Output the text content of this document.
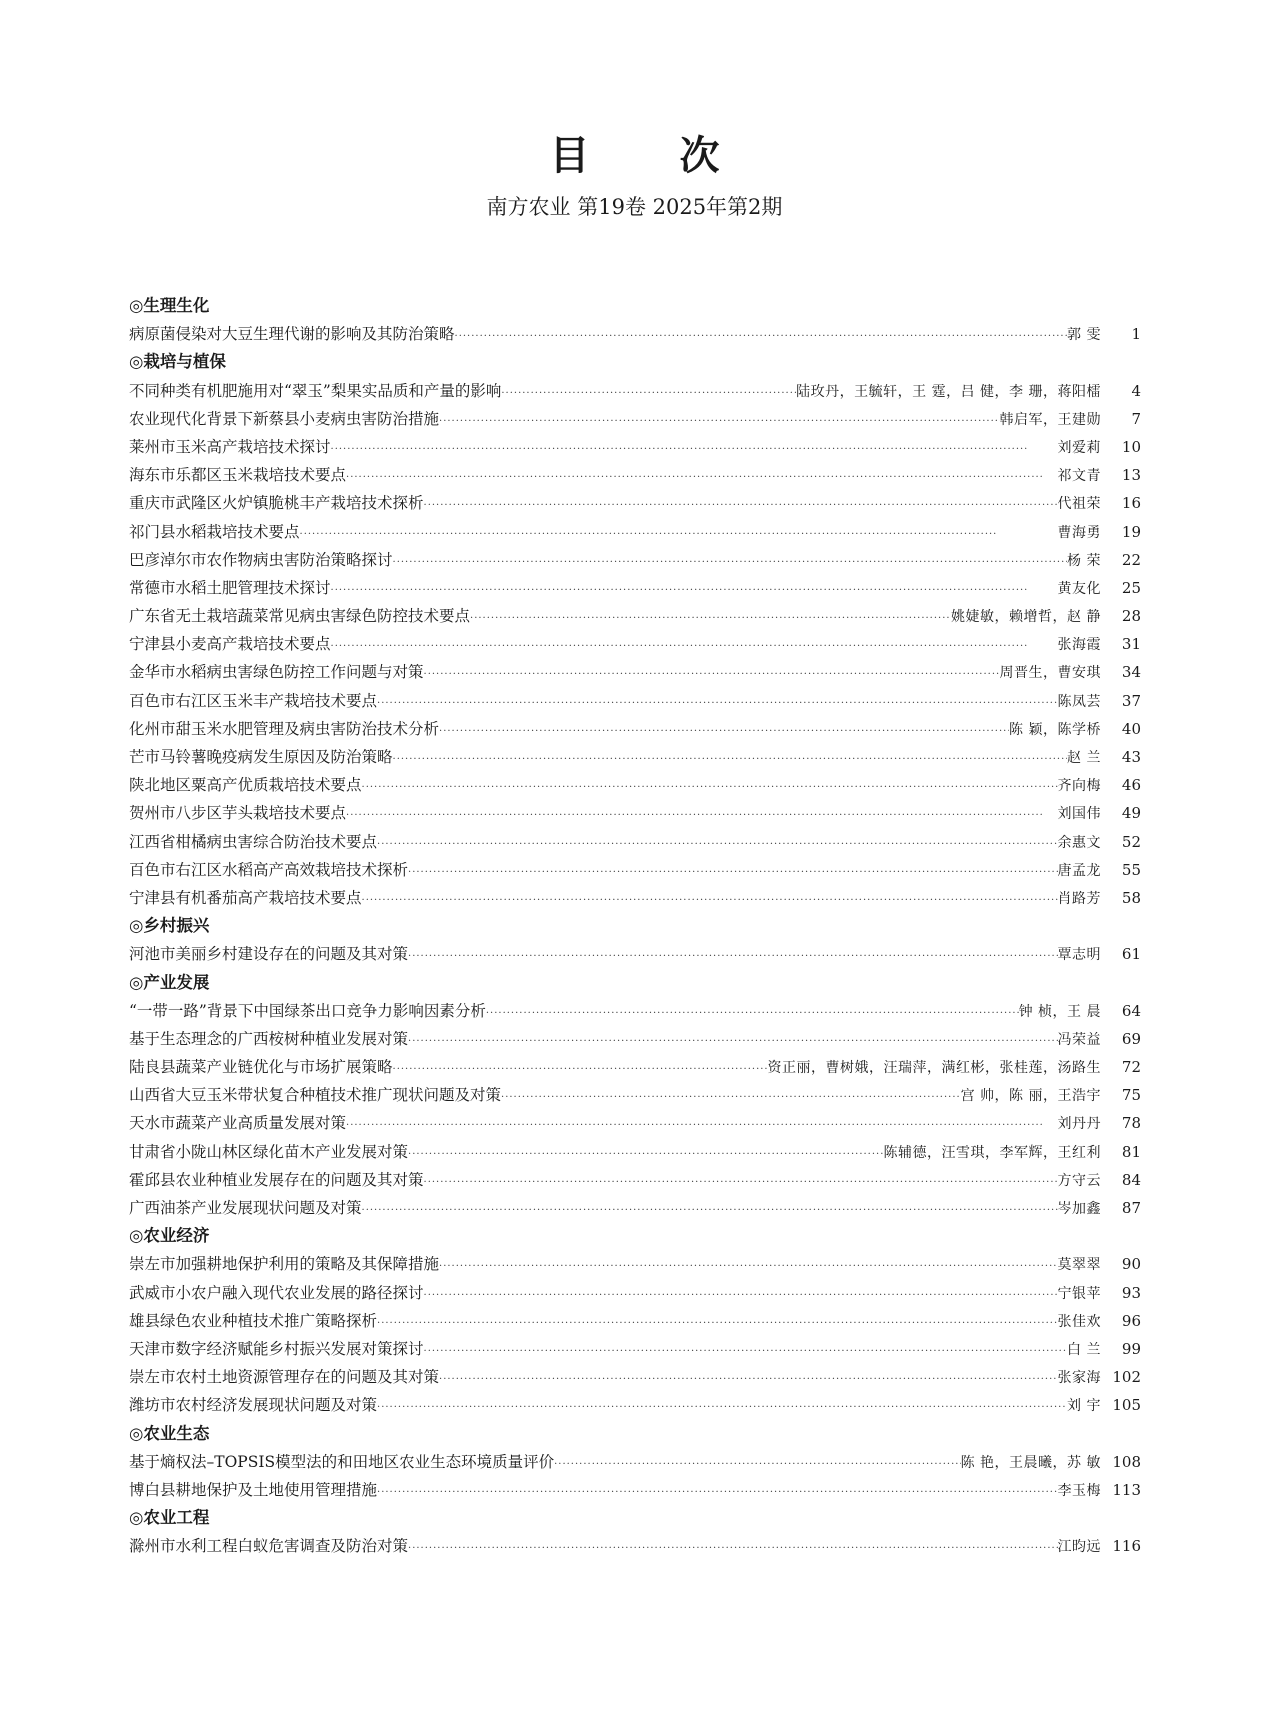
目 次
南方农业 第19卷 2025年第2期
◎生理生化
病原菌侵染对大豆生理代谢的影响及其防治策略 ·····	郭 雯	1
◎栽培与植保
不同种类有机肥施用对“翠玉”梨果实品质和产量的影响 ·····	陆玫丹，王毓轩，王 霆，吕 健，李 珊，蒋阳檑	4
农业现代化背景下新蔡县小麦病虫害防治措施 ·····	韩启军，王建勋	7
莱州市玉米高产栽培技术探讨 ·····	刘爱莉	10
海东市乐都区玉米栽培技术要点 ·····	祁文青	13
重庆市武隆区火炉镇脆桃丰产栽培技术探析 ·····	代祖荣	16
祁门县水稻栽培技术要点 ·····	曹海勇	19
巴彦淖尔市农作物病虫害防治策略探讨 ·····	杨 荣	22
常德市水稻土肥管理技术探讨 ·····	黄友化	25
广东省无土栽培蔬菜常见病虫害绿色防控技术要点 ·····	姚婕敏，赖增哲，赵 静	28
宁津县小麦高产栽培技术要点 ·····	张海霞	31
金华市水稻病虫害绿色防控工作问题与对策 ·····	周晋生，曹安琪	34
百色市右江区玉米丰产栽培技术要点 ·····	陈凤芸	37
化州市甜玉米水肥管理及病虫害防治技术分析 ·····	陈 颖，陈学桥	40
芒市马铃薯晚疫病发生原因及防治策略 ·····	赵 兰	43
陕北地区粟高产优质栽培技术要点 ·····	齐向梅	46
贺州市八步区芋头栽培技术要点 ·····	刘国伟	49
江西省柑橘病虫害综合防治技术要点 ·····	余惠文	52
百色市右江区水稻高产高效栽培技术探析 ·····	唐孟龙	55
宁津县有机番茄高产栽培技术要点 ·····	肖路芳	58
◎乡村振兴
河池市美丽乡村建设存在的问题及其对策 ·····	覃志明	61
◎产业发展
“一带一路”背景下中国绿茶出口竞争力影响因素分析 ·····	钟 桢，王 晨	64
基于生态理念的广西桉树种植业发展对策 ·····	冯荣益	69
陆良县蔬菜产业链优化与市场扩展策略 ·····	资正丽，曹树娥，汪瑞萍，满红彬，张桂莲，汤路生	72
山西省大豆玉米带状复合种植技术推广现状问题及对策 ·····	宫 帅，陈 丽，王浩宇	75
天水市蔬菜产业高质量发展对策 ·····	刘丹丹	78
甘肃省小陇山林区绿化苗木产业发展对策 ·····	陈辅德，汪雪琪，李军辉，王红利	81
霍邱县农业种植业发展存在的问题及其对策 ·····	方守云	84
广西油茶产业发展现状问题及对策 ·····	岑加鑫	87
◎农业经济
崇左市加强耕地保护利用的策略及其保障措施 ·····	莫翠翠	90
武威市小农户融入现代农业发展的路径探讨 ·····	宁银苹	93
雄县绿色农业种植技术推广策略探析 ·····	张佳欢	96
天津市数字经济赋能乡村振兴发展对策探讨 ·····	白 兰	99
崇左市农村土地资源管理存在的问题及其对策 ·····	张家海 102
潍坊市农村经济发展现状问题及对策 ·····	刘 宇 105
◎农业生态
基于熵权法–TOPSIS模型法的和田地区农业生态环境质量评价 ·····	陈 艳，王晨曦，苏 敏 108
博白县耕地保护及土地使用管理措施 ·····	李玉梅 113
◎农业工程
滁州市水利工程白蚁危害调查及防治对策 ·····	江昀远 116
